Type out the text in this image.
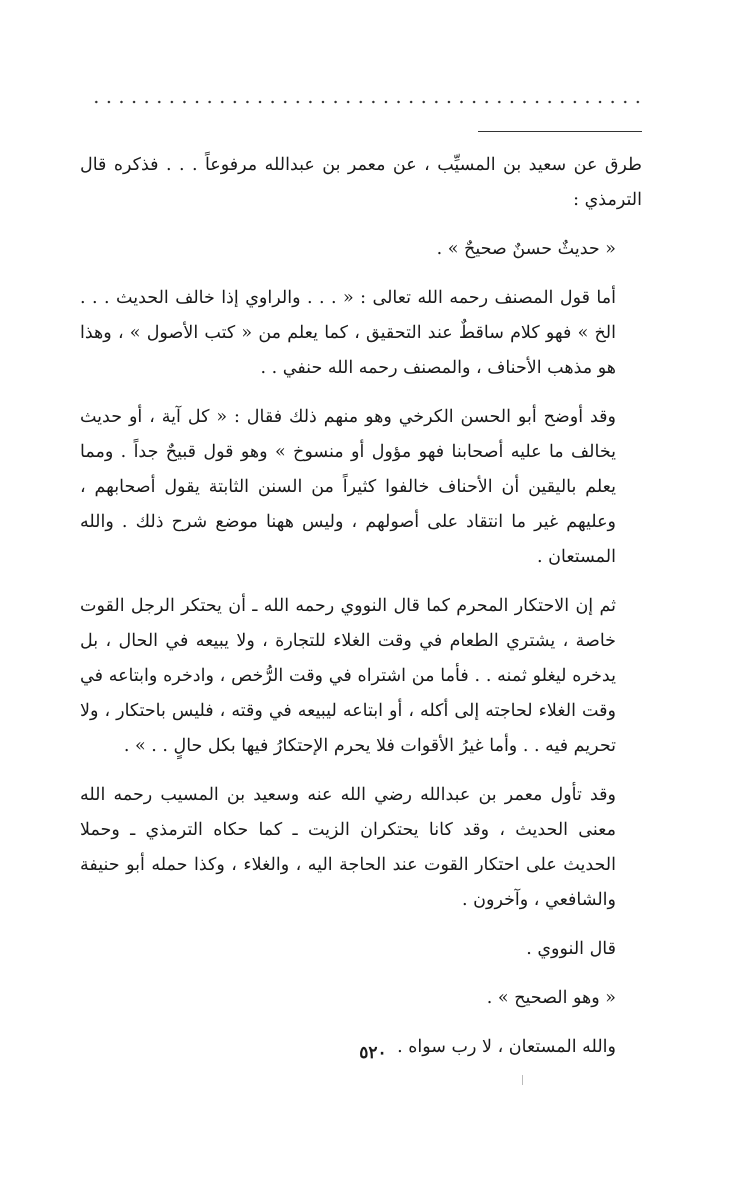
طرق عن سعيد بن المسيِّب ، عن معمر بن عبدالله مرفوعاً . . . فذكره قال الترمذي :

« حديثٌ حسنٌ صحيحٌ » .

أما قول المصنف رحمه الله تعالى : « . . . والراوي إذا خالف الحديث . . . الخ » فهو كلام ساقطٌ عند التحقيق ، كما يعلم من « كتب الأصول » ، وهذا هو مذهب الأحناف ، والمصنف رحمه الله حنفي . .

وقد أوضح أبو الحسن الكرخي وهو منهم ذلك فقال : « كل آية ، أو حديث يخالف ما عليه أصحابنا فهو مؤول أو منسوخ » وهو قول قبيحٌ جداً . ومما يعلم باليقين أن الأحناف خالفوا كثيراً من السنن الثابتة يقول أصحابهم ، وعليهم غير ما انتقاد على أصولهم ، وليس ههنا موضع شرح ذلك . والله المستعان .

ثم إن الاحتكار المحرم كما قال النووي رحمه الله ـ أن يحتكر الرجل القوت خاصة ، يشتري الطعام في وقت الغلاء للتجارة ، ولا يبيعه في الحال ، بل يدخره ليغلو ثمنه . . فأما من اشتراه في وقت الرُّخص ، وادخره وابتاعه في وقت الغلاء لحاجته إلى أكله ، أو ابتاعه ليبيعه في وقته ، فليس باحتكار ، ولا تحريم فيه . . وأما غيرُ الأقوات فلا يحرم الإحتكارُ فيها بكل حالٍ . . » .

وقد تأول معمر بن عبدالله رضي الله عنه وسعيد بن المسيب رحمه الله معنى الحديث ، وقد كانا يحتكران الزيت ـ كما حكاه الترمذي ـ وحملا الحديث على احتكار القوت عند الحاجة اليه ، والغلاء ، وكذا حمله أبو حنيفة والشافعي ، وآخرون .

قال النووي .

« وهو الصحيح » .

والله المستعان ، لا رب سواه .

٥٢٠
